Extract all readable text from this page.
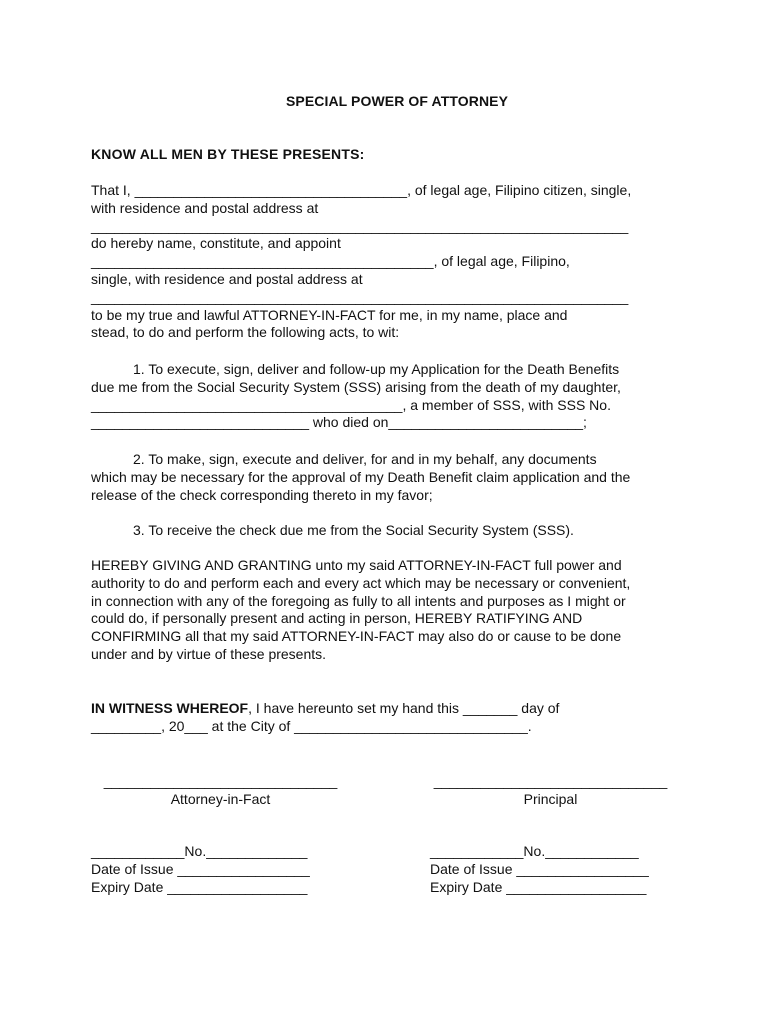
SPECIAL POWER OF ATTORNEY
KNOW ALL MEN BY THESE PRESENTS:
That I, ___________________________________, of legal age, Filipino citizen, single,
with residence and postal address at
_____________________________________________________________________
do hereby name, constitute, and appoint
____________________________________________, of legal age, Filipino,
single, with residence and postal address at
_____________________________________________________________________
to be my true and lawful ATTORNEY-IN-FACT for me, in my name, place and
stead, to do and perform the following acts, to wit:
1. To execute, sign, deliver and follow-up my Application for the Death Benefits
due me from the Social Security System (SSS) arising from the death of my daughter,
________________________________________, a member of SSS, with SSS No.
____________________________ who died on_________________________;
2. To make, sign, execute and deliver, for and in my behalf, any documents
which may be necessary for the approval of my Death Benefit claim application and the
release of the check corresponding thereto in my favor;
3. To receive the check due me from the Social Security System (SSS).
HEREBY GIVING AND GRANTING unto my said ATTORNEY-IN-FACT full power and
authority to do and perform each and every act which may be necessary or convenient,
in connection with any of the foregoing as fully to all intents and purposes as I might or
could do, if personally present and acting in person, HEREBY RATIFYING AND
CONFIRMING all that my said ATTORNEY-IN-FACT may also do or cause to be done
under and by virtue of these presents.
IN WITNESS WHEREOF, I have hereunto set my hand this _______ day of
_________, 20___ at the City of ______________________________.
______________________________
Attorney-in-Fact
______________________________
Principal
____________No._____________
Date of Issue _________________
Expiry Date __________________
____________No.____________
Date of Issue _________________
Expiry Date __________________
